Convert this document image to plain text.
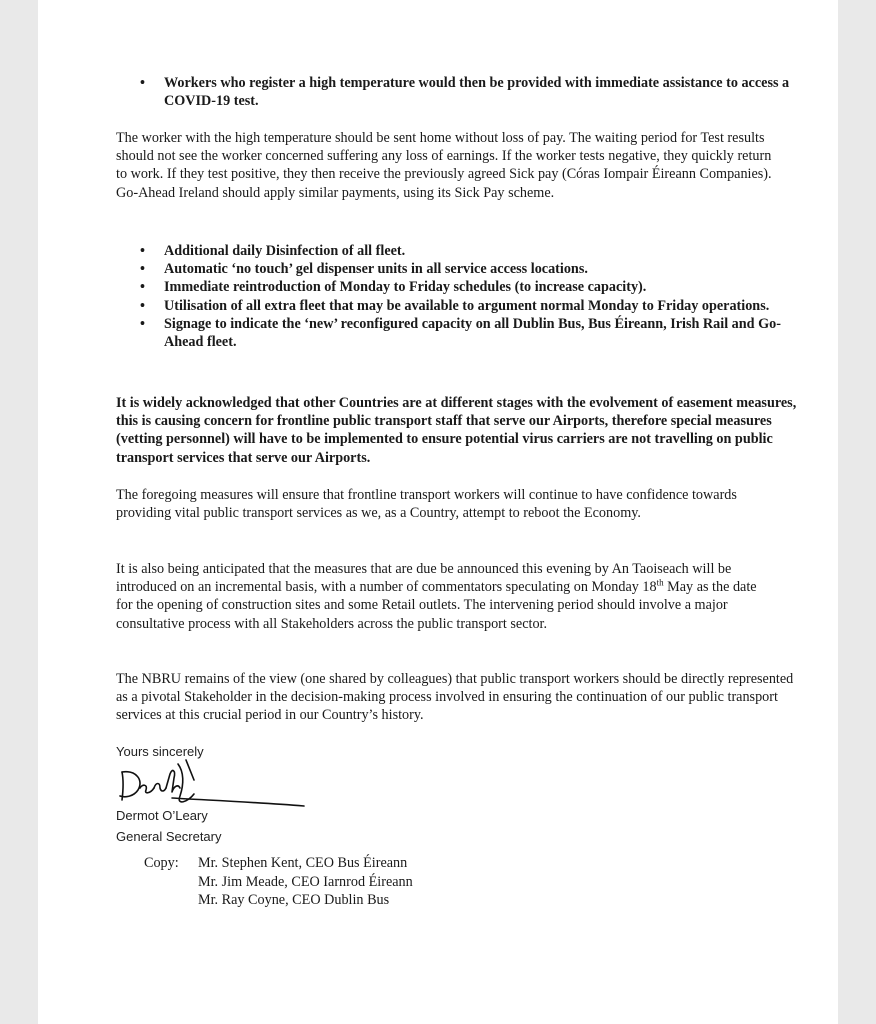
• Workers who register a high temperature would then be provided with immediate assistance to access a COVID-19 test.

The worker with the high temperature should be sent home without loss of pay. The waiting period for Test results should not see the worker concerned suffering any loss of earnings. If the worker tests negative, they quickly return to work. If they test positive, they then receive the previously agreed Sick pay (Córas Iompair Éireann Companies). Go-Ahead Ireland should apply similar payments, using its Sick Pay scheme.

• Additional daily Disinfection of all fleet.
• Automatic ‘no touch’ gel dispenser units in all service access locations.
• Immediate reintroduction of Monday to Friday schedules (to increase capacity).
• Utilisation of all extra fleet that may be available to argument normal Monday to Friday operations.
• Signage to indicate the ‘new’ reconfigured capacity on all Dublin Bus, Bus Éireann, Irish Rail and Go-Ahead fleet.

It is widely acknowledged that other Countries are at different stages with the evolvement of easement measures, this is causing concern for frontline public transport staff that serve our Airports, therefore special measures (vetting personnel) will have to be implemented to ensure potential virus carriers are not travelling on public transport services that serve our Airports.

The foregoing measures will ensure that frontline transport workers will continue to have confidence towards providing vital public transport services as we, as a Country, attempt to reboot the Economy.

It is also being anticipated that the measures that are due be announced this evening by An Taoiseach will be introduced on an incremental basis, with a number of commentators speculating on Monday 18th May as the date for the opening of construction sites and some Retail outlets. The intervening period should involve a major consultative process with all Stakeholders across the public transport sector.

The NBRU remains of the view (one shared by colleagues) that public transport workers should be directly represented as a pivotal Stakeholder in the decision-making process involved in ensuring the continuation of our public transport services at this crucial period in our Country’s history.

Yours sincerely
Dermot O’Leary
General Secretary
Copy: Mr. Stephen Kent, CEO Bus Éireann
Mr. Jim Meade, CEO Iarnrod Éireann
Mr. Ray Coyne, CEO Dublin Bus
